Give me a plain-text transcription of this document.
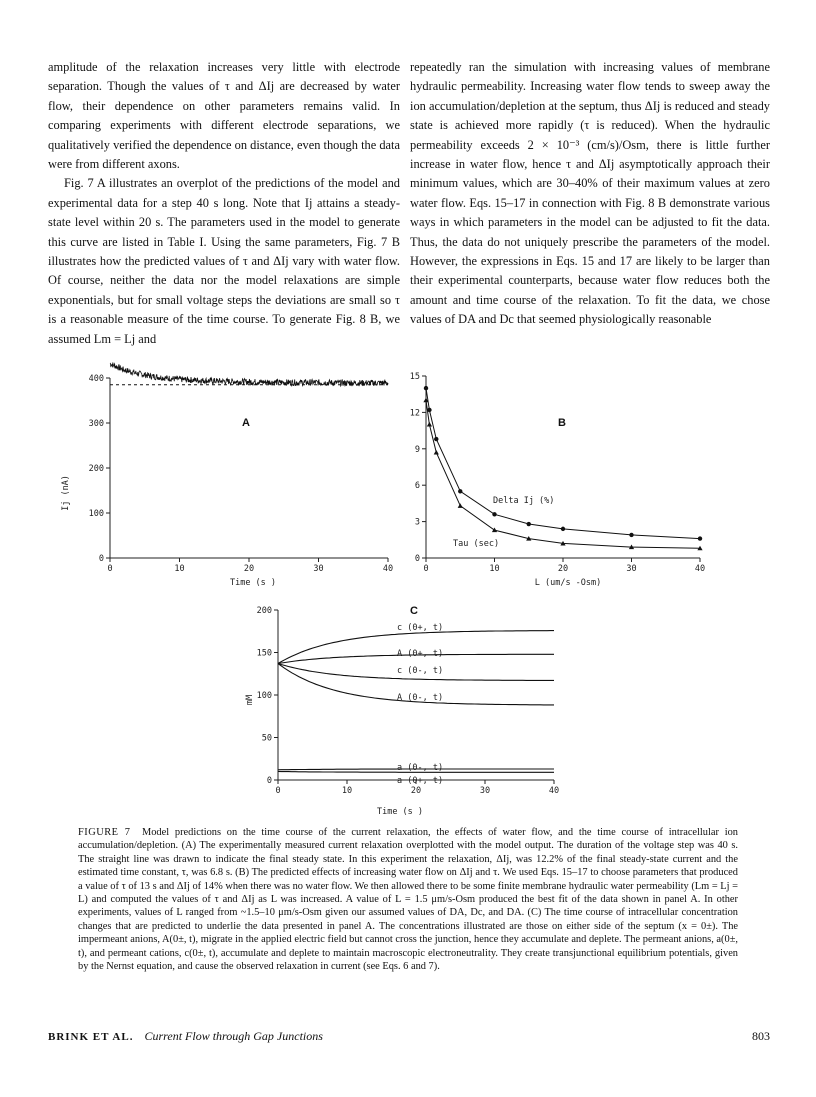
amplitude of the relaxation increases very little with electrode separation. Though the values of τ and ΔIj are decreased by water flow, their dependence on other parameters remains valid. In comparing experiments with different electrode separations, we qualitatively verified the dependence on distance, even though the data were from different axons.

Fig. 7 A illustrates an overplot of the predictions of the model and experimental data for a step 40 s long. Note that Ij attains a steady-state level within 20 s. The parameters used in the model to generate this curve are listed in Table I. Using the same parameters, Fig. 7 B illustrates how the predicted values of τ and ΔIj vary with water flow. Of course, neither the data nor the model relaxations are simple exponentials, but for small voltage steps the deviations are small so τ is a reasonable measure of the time course. To generate Fig. 8 B, we assumed Lm = Lj and

repeatedly ran the simulation with increasing values of membrane hydraulic permeability. Increasing water flow tends to sweep away the ion accumulation/depletion at the septum, thus ΔIj is reduced and steady state is achieved more rapidly (τ is reduced). When the hydraulic permeability exceeds 2 × 10⁻³ (cm/s)/Osm, there is little further increase in water flow, hence τ and ΔIj asymptotically approach their minimum values, which are 30–40% of their maximum values at zero water flow. Eqs. 15–17 in connection with Fig. 8 B demonstrate various ways in which parameters in the model can be adjusted to fit the data. Thus, the data do not uniquely prescribe the parameters of the model. However, the expressions in Eqs. 15 and 17 are likely to be larger than their experimental counterparts, because water flow reduces both the amount and time course of the relaxation. To fit the data, we chose values of DA and Dc that seemed physiologically reasonable

A
Ij (nA)
Time (s )
0	10	20	30	40
0
100
200
300
400
B
Delta Ij (%)
Tau (sec)
L (um/s -Osm)
0	10	20	30	40
0
3
6
9
12
15
C
mM
Time (s )
c (0+, t)
A (0+, t)
c (0-, t)
A (0-, t)
a (0-, t)
a (0+, t)
0	10	20	30	40
0
50
100
150
200
FIGURE 7 Model predictions on the time course of the current relaxation, the effects of water flow, and the time course of intracellular ion accumulation/depletion. (A) The experimentally measured current relaxation overplotted with the model output. The duration of the voltage step was 40 s. The straight line was drawn to indicate the final steady state. In this experiment the relaxation, ΔIj, was 12.2% of the final steady-state current and the estimated time constant, τ, was 6.8 s. (B) The predicted effects of increasing water flow on ΔIj and τ. We used Eqs. 15–17 to choose parameters that produced a value of τ of 13 s and ΔIj of 14% when there was no water flow. We then allowed there to be some finite membrane hydraulic water permeability (Lm = Lj = L) and computed the values of τ and ΔIj as L was increased. A value of L = 1.5 μm/s-Osm produced the best fit of the data shown in panel A. In other experiments, values of L ranged from ~1.5–10 μm/s-Osm given our assumed values of DA, Dc, and DA. (C) The time course of intracellular concentration changes that are predicted to underlie the data presented in panel A. The concentrations illustrated are those on either side of the septum (x = 0±). The impermeant anions, A(0±, t), migrate in the applied electric field but cannot cross the junction, hence they accumulate and deplete. The permeant anions, a(0±, t), and permeant cations, c(0±, t), accumulate and deplete to maintain macroscopic electroneutrality. They create transjunctional equilibrium potentials, given by the Nernst equation, and cause the observed relaxation in current (see Eqs. 6 and 7).
BRINK ET AL. Current Flow through Gap Junctions	803
